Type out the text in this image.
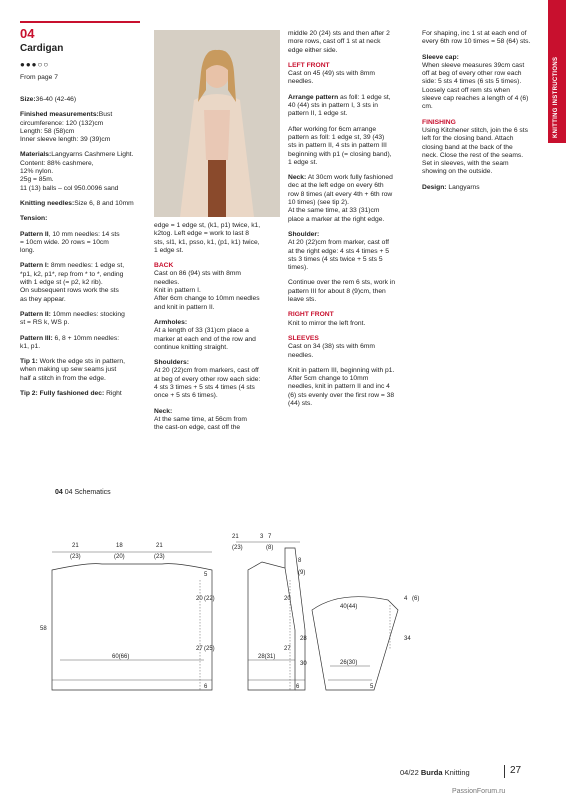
04
Cardigan
●●●○○
From page 7	KNITTING INSTRUCTIONS

Size:36-40 (42-46)

Finished measurements:Bust circumference: 120 (132)cm
Length: 58 (58)cm
Inner sleeve length: 39 (39)cm

Materials:Langyarns Cashmere Light.
Content: 88% cashmere,
12% nylon.
25g = 85m.
11 (13) balls – col 950.0096 sand

Knitting needles:Size 6, 8 and 10mm

Tension:

Pattern II, 10 mm needles: 14 sts
= 10cm wide. 20 rows = 10cm
long.

Pattern I: 8mm needles: 1 edge st,
*p1, k2, p1*, rep from * to *, ending
with 1 edge st (= p2, k2 rib).
On subsequent rows work the sts
as they appear.

Pattern II: 10mm needles: stocking
st = RS k, WS p.

Pattern III: 6, 8 + 10mm needles:
k1, p1.

Tip 1: Work the edge sts in pattern,
when making up sew seams just
half a stitch in from the edge.

Tip 2: Fully fashioned dec: Right

edge = 1 edge st, (k1, p1) twice, k1,
k2tog. Left edge = work to last 8
sts, sl1, k1, psso, k1, (p1, k1) twice,
1 edge st.

BACK
Cast on 86 (94) sts with 8mm
needles.
Knit in pattern I.
After 6cm change to 10mm needles
and knit in pattern II.

Armholes:
At a length of 33 (31)cm place a
marker at each end of the row and
continue knitting straight.

Shoulders:
At 20 (22)cm from markers, cast off
at beg of every other row each side:
4 sts 3 times + 5 sts 4 times (4 sts
once + 5 sts 6 times).

Neck:
At the same time, at 56cm from
the cast-on edge, cast off the

middle 20 (24) sts and then after 2
more rows, cast off 1 st at neck
edge either side.

LEFT FRONT
Cast on 45 (49) sts with 8mm
needles.

Arrange pattern as foll: 1 edge st,
40 (44) sts in pattern I, 3 sts in
pattern II, 1 edge st.

After working for 6cm arrange
pattern as foll: 1 edge st, 39 (43)
sts in pattern II, 4 sts in pattern III
beginning with p1 (= closing band),
1 edge st.

Neck: At 30cm work fully fashioned
dec at the left edge on every 6th
row 8 times (alt every 4th + 6th row
10 times) (see tip 2).
At the same time, at 33 (31)cm
place a marker at the right edge.

Shoulder:
At 20 (22)cm from marker, cast off
at the right edge: 4 sts 4 times + 5
sts 3 times (4 sts twice + 5 sts 5
times).

Continue over the rem 6 sts, work in
pattern III for about 8 (9)cm, then
leave sts.

RIGHT FRONT
Knit to mirror the left front.

SLEEVES
Cast on 34 (38) sts with 6mm
needles.

Knit in pattern III, beginning with p1.
After 5cm change to 10mm
needles, knit in pattern II and inc 4
(6) sts evenly over the first row = 38
(44) sts.

For shaping, inc 1 st at each end of
every 6th row 10 times = 58 (64) sts.

Sleeve cap:
When sleeve measures 39cm cast
off at beg of every other row each
side: 5 sts 4 times (6 sts 5 times).
Loosely cast off rem sts when
sleeve cap reaches a length of 4 (6)
cm.

FINISHING
Using Kitchener stitch, join the 6 sts
left for the closing band. Attach
closing band at the back of the
neck. Close the rest of the seams.
Set in sleeves, with the seam
showing on the outside.

Design: Langyarns

04 04 Schematics
21
(23)
18
(20)
21
(23)
58
60(66)
20 (22)
27 (25)
6
5
21
(23)
3 7
(8)
8
(9)
28(31)
20
27
6
40(44)
26(30)
28
30
34
4 (6)
5
04/22 Burda Knitting	27
PassionForum.ru
